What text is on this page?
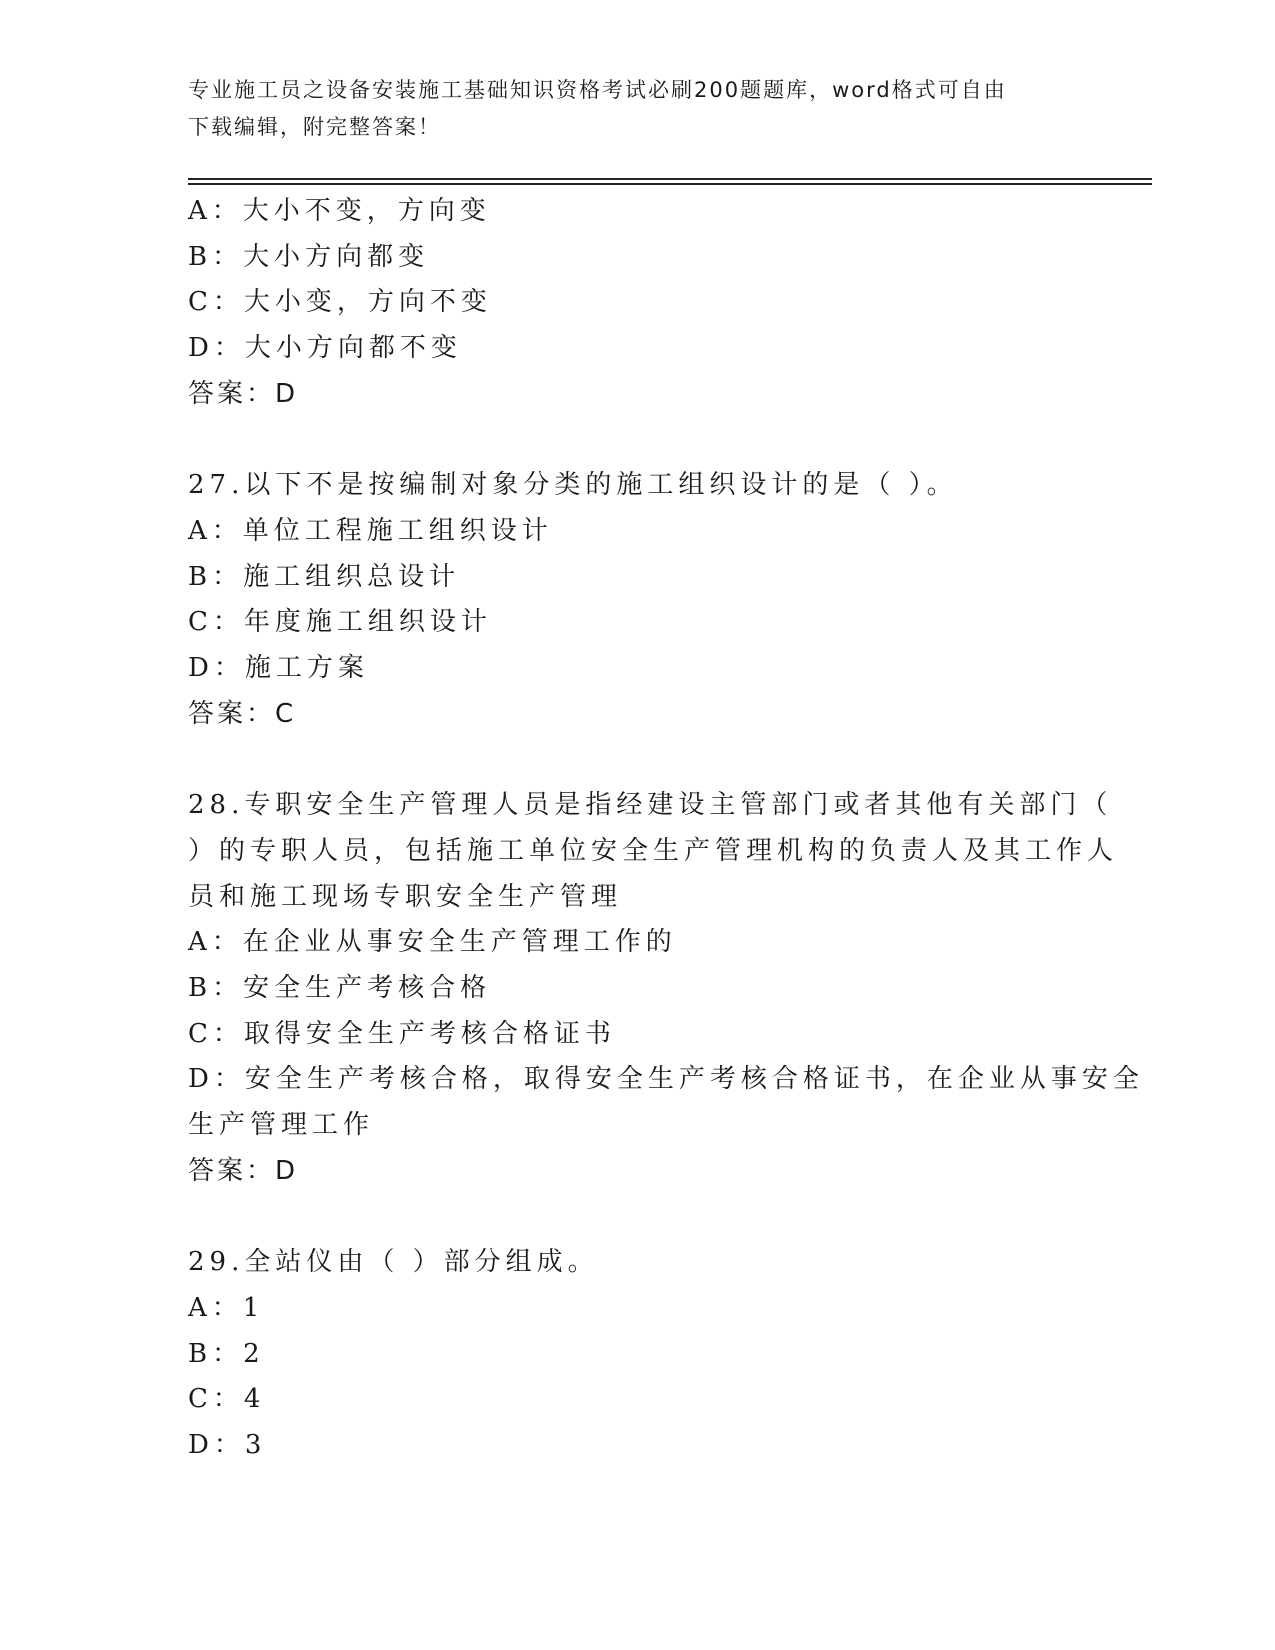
专业施工员之设备安装施工基础知识资格考试必刷200题题库，word格式可自由
下载编辑，附完整答案！
A：大小不变，方向变
B：大小方向都变
C：大小变，方向不变
D：大小方向都不变
答案：D
27.以下不是按编制对象分类的施工组织设计的是（ ）。
A：单位工程施工组织设计
B：施工组织总设计
C：年度施工组织设计
D：施工方案
答案：C
28.专职安全生产管理人员是指经建设主管部门或者其他有关部门（
）的专职人员，包括施工单位安全生产管理机构的负责人及其工作人
员和施工现场专职安全生产管理
A：在企业从事安全生产管理工作的
B：安全生产考核合格
C：取得安全生产考核合格证书
D：安全生产考核合格，取得安全生产考核合格证书，在企业从事安全
生产管理工作
答案：D
29.全站仪由（ ）部分组成。
A：1
B：2
C：4
D：3
